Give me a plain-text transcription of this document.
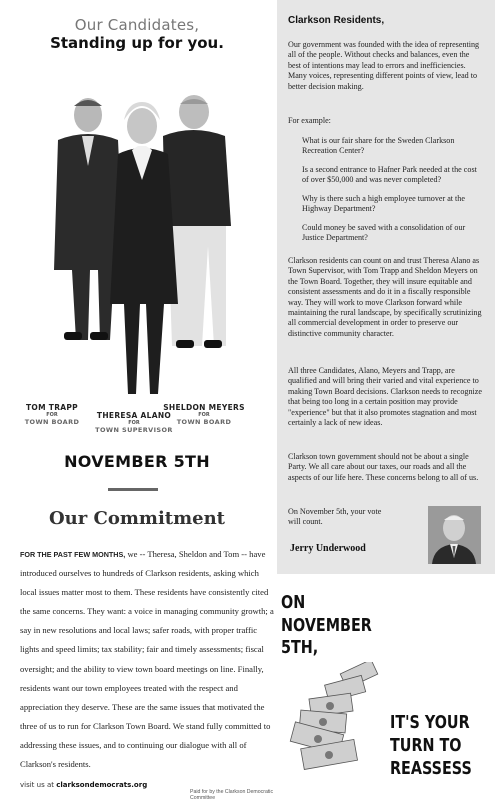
Our Candidates,
Standing up for you.
TOM TRAPP
FOR
TOWN BOARD
SHELDON MEYERS
FOR
TOWN BOARD
THERESA ALANO
FOR
TOWN SUPERVISOR
NOVEMBER 5TH
Our Commitment
FOR THE PAST FEW MONTHS, we -- Theresa, Sheldon and Tom -- have introduced ourselves to hundreds of Clarkson residents, asking which local issues matter most to them. These residents have consistently cited the same concerns. They want: a voice in managing community growth; a say in new resolutions and local laws; safer roads, with proper traffic lights and speed limits; tax stability; fair and timely assessments; fiscal oversight; and the ability to view town board meetings on line. Finally, residents want our town employees treated with the respect and appreciation they deserve. These are the same issues that motivated the three of us to run for Clarkson Town Board. We stand fully committed to addressing these issues, and to continuing our dialogue with all of Clarkson's residents.
visit us at clarksondemocrats.org
Paid for by the Clarkson Democratic Committee

Clarkson Residents,

Our government was founded with the idea of representing all of the people. Without checks and balances, even the best of intentions may lead to errors and inefficiencies. Many voices, representing different points of view, lead to better decision making.

For example:

What is our fair share for the Sweden Clarkson Recreation Center?

Is a second entrance to Hafner Park needed at the cost of over $50,000 and was never completed?

Why is there such a high employee turnover at the Highway Department?

Could money be saved with a consolidation of our Justice Department?

Clarkson residents can count on and trust Theresa Alano as Town Supervisor, with Tom Trapp and Sheldon Meyers on the Town Board. Together, they will insure equitable and consistent assessments and do it in a fiscally responsible way. They will work to move Clarkson forward while maintaining the rural landscape, by specifically scrutinizing all commercial development in order to preserve our distinctive community character.

All three Candidates, Alano, Meyers and Trapp, are qualified and will bring their varied and vital experience to making Town Board decisions. Clarkson needs to recognize that being too long in a certain position may provide "experience" but that it also promotes stagnation and most certainly a lack of new ideas.

Clarkson town government should not be about a single Party. We all care about our taxes, our roads and all the aspects of our life here. These concerns belong to all of us.

On November 5th, your vote will count.

Jerry Underwood
ON
NOVEMBER
5TH,
IT'S YOUR
TURN TO
REASSESS
